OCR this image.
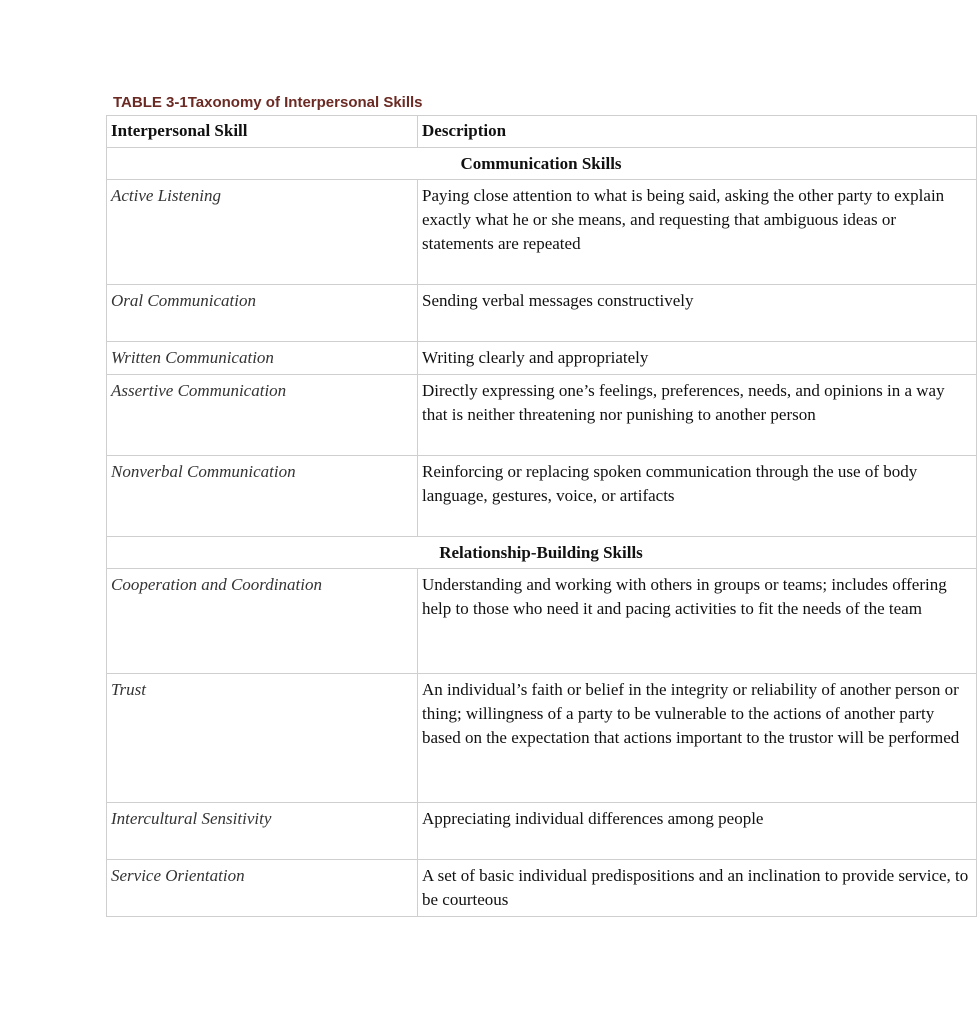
TABLE 3-1Taxonomy of Interpersonal Skills
Interpersonal Skill	Description
Communication Skills	
Active Listening	Paying close attention to what is being said, asking the other party to explain exactly what he or she means, and requesting that ambiguous ideas or statements are repeated
Oral Communication	Sending verbal messages constructively
Written Communication	Writing clearly and appropriately
Assertive Communication	Directly expressing one’s feelings, preferences, needs, and opinions in a way that is neither threatening nor punishing to another person
Nonverbal Communication	Reinforcing or replacing spoken communication through the use of body language, gestures, voice, or artifacts
Relationship-Building Skills	
Cooperation and Coordination	Understanding and working with others in groups or teams; includes offering help to those who need it and pacing activities to fit the needs of the team
Trust	An individual’s faith or belief in the integrity or reliability of another person or thing; willingness of a party to be vulnerable to the actions of another party based on the expectation that actions important to the trustor will be performed
Intercultural Sensitivity	Appreciating individual differences among people
Service Orientation	A set of basic individual predispositions and an inclination to provide service, to be courteous
